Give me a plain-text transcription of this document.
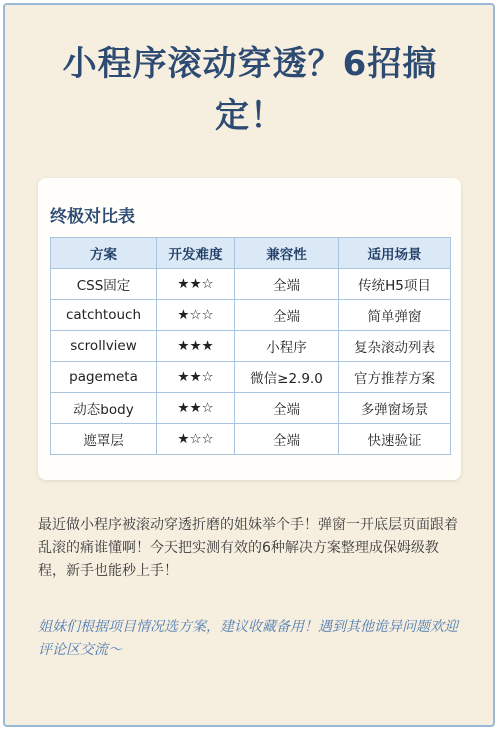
小程序滚动穿透？6招搞
定！
终极对比表
方案	开发难度	兼容性	适用场景
CSS固定	★★☆	全端	传统H5项目
catchtouch	★☆☆	全端	简单弹窗
scrollview	★★★	小程序	复杂滚动列表
pagemeta	★★☆	微信≥2.9.0	官方推荐方案
动态body	★★☆	全端	多弹窗场景
遮罩层	★☆☆	全端	快速验证
最近做小程序被滚动穿透折磨的姐妹举个手！弹窗一开底层页面跟着乱滚的痛谁懂啊！今天把实测有效的6种解决方案整理成保姆级教程，新手也能秒上手！
姐妹们根据项目情况选方案，建议收藏备用！遇到其他诡异问题欢迎评论区交流～
